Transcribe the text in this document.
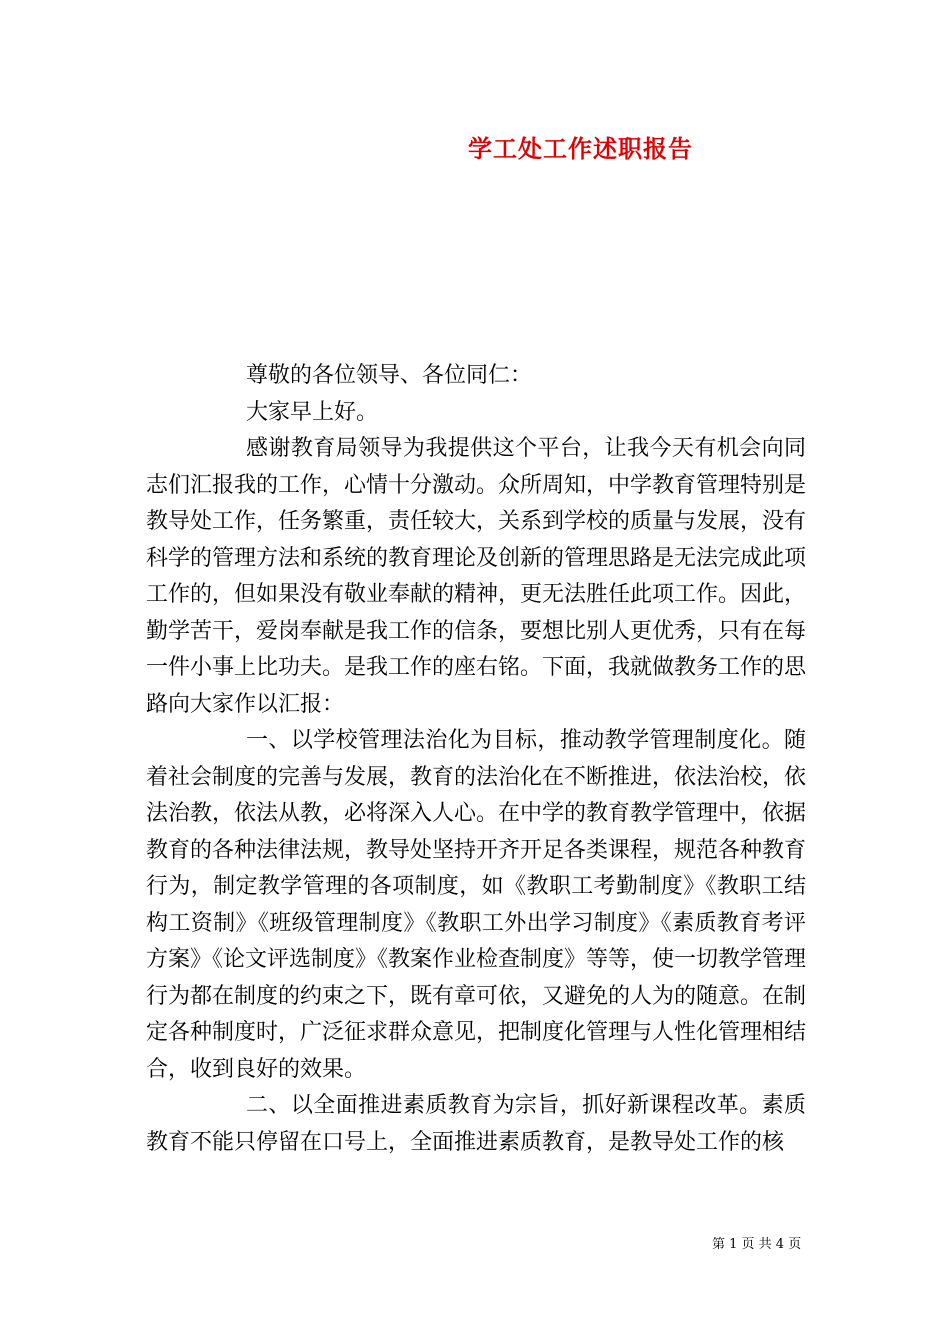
学工处工作述职报告

尊敬的各位领导、各位同仁：

大家早上好。

感谢教育局领导为我提供这个平台，让我今天有机会向同志们汇报我的工作，心情十分激动。众所周知，中学教育管理特别是教导处工作，任务繁重，责任较大，关系到学校的质量与发展，没有科学的管理方法和系统的教育理论及创新的管理思路是无法完成此项工作的，但如果没有敬业奉献的精神，更无法胜任此项工作。因此，勤学苦干，爱岗奉献是我工作的信条，要想比别人更优秀，只有在每一件小事上比功夫。是我工作的座右铭。下面，我就做教务工作的思路向大家作以汇报：

一、以学校管理法治化为目标，推动教学管理制度化。随着社会制度的完善与发展，教育的法治化在不断推进，依法治校，依法治教，依法从教，必将深入人心。在中学的教育教学管理中，依据教育的各种法律法规，教导处坚持开齐开足各类课程，规范各种教育行为，制定教学管理的各项制度，如《教职工考勤制度》《教职工结构工资制》《班级管理制度》《教职工外出学习制度》《素质教育考评方案》《论文评选制度》《教案作业检查制度》等等，使一切教学管理行为都在制度的约束之下，既有章可依，又避免的人为的随意。在制定各种制度时，广泛征求群众意见，把制度化管理与人性化管理相结合，收到良好的效果。

二、以全面推进素质教育为宗旨，抓好新课程改革。素质教育不能只停留在口号上，全面推进素质教育，是教导处工作的核

第 1 页 共 4 页
